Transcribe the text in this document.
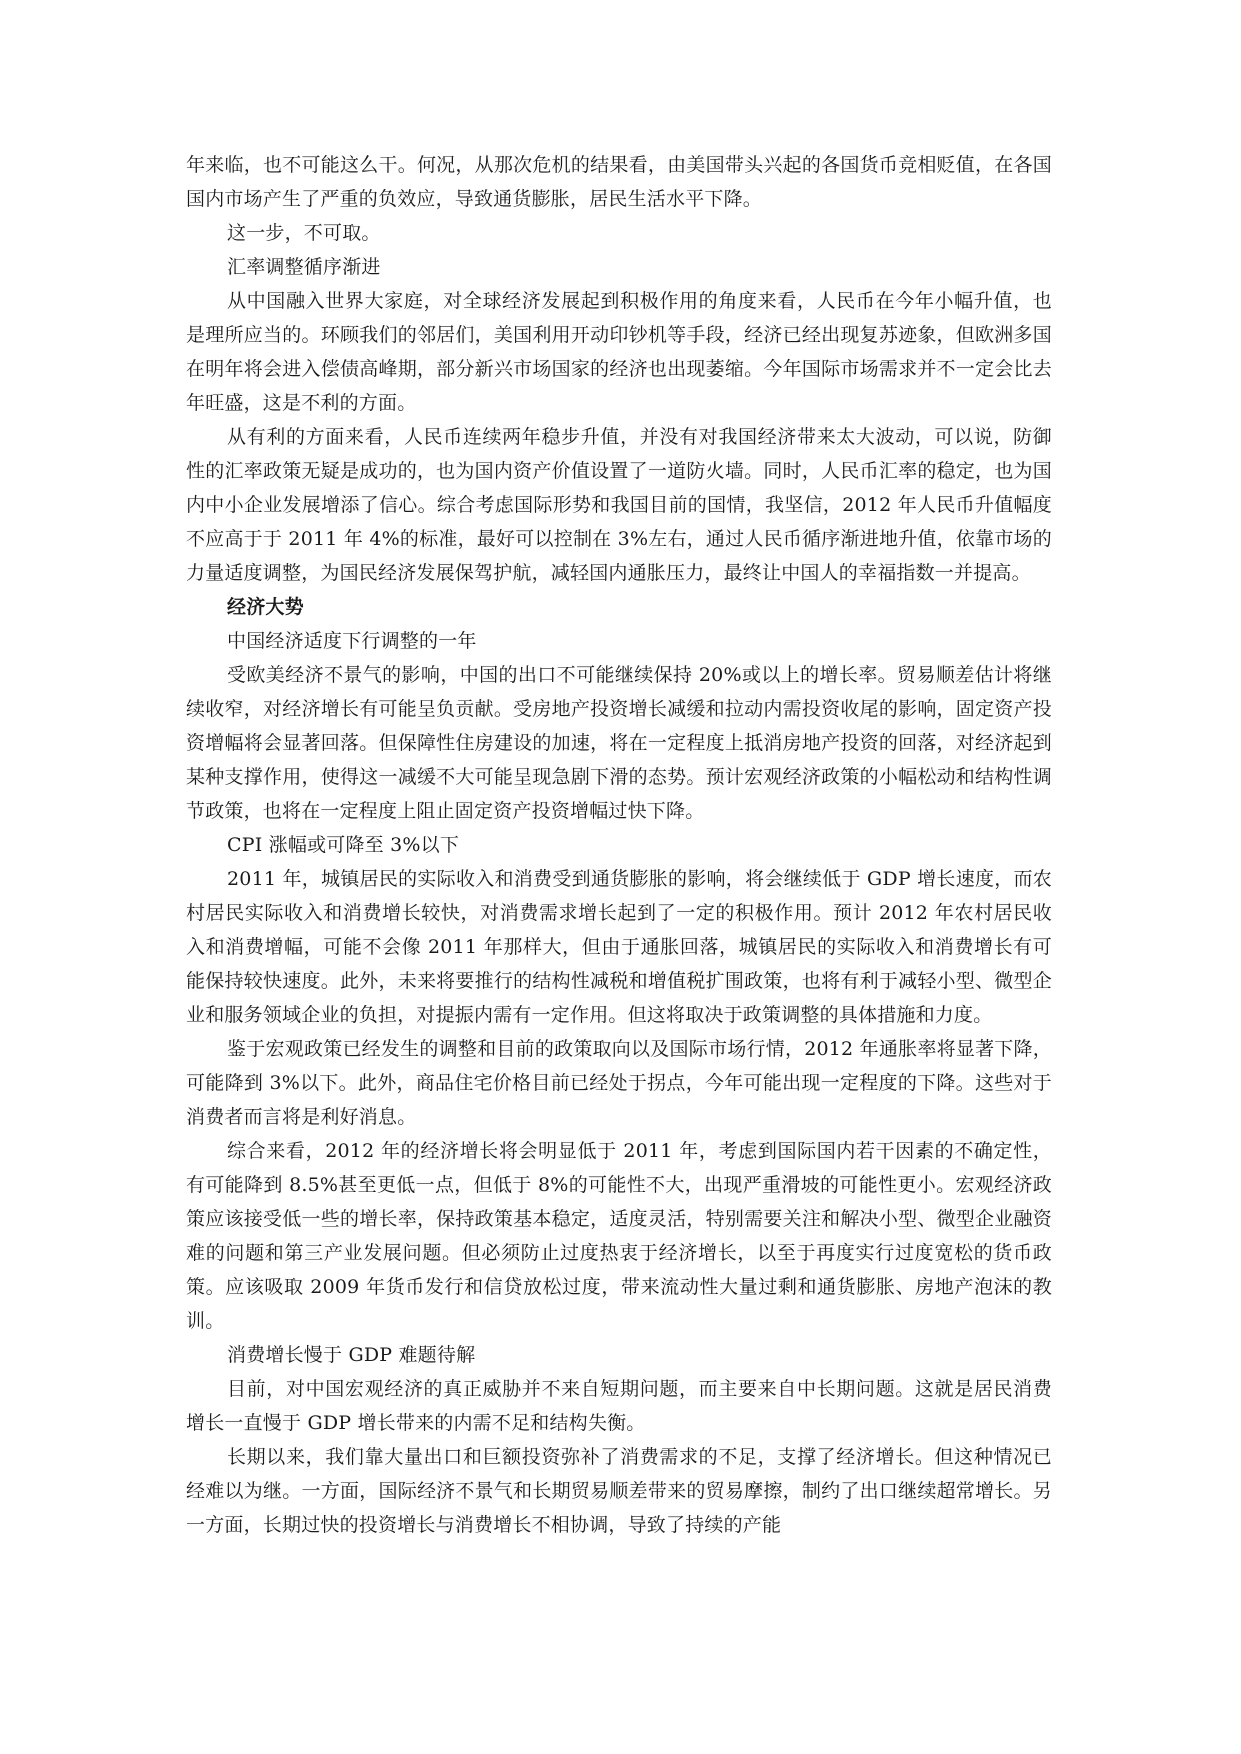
年来临，也不可能这么干。何况，从那次危机的结果看，由美国带头兴起的各国货币竞相贬值，在各国国内市场产生了严重的负效应，导致通货膨胀，居民生活水平下降。

这一步，不可取。

汇率调整循序渐进

从中国融入世界大家庭，对全球经济发展起到积极作用的角度来看，人民币在今年小幅升值，也是理所应当的。环顾我们的邻居们，美国利用开动印钞机等手段，经济已经出现复苏迹象，但欧洲多国在明年将会进入偿债高峰期，部分新兴市场国家的经济也出现萎缩。今年国际市场需求并不一定会比去年旺盛，这是不利的方面。

从有利的方面来看，人民币连续两年稳步升值，并没有对我国经济带来太大波动，可以说，防御性的汇率政策无疑是成功的，也为国内资产价值设置了一道防火墙。同时，人民币汇率的稳定，也为国内中小企业发展增添了信心。综合考虑国际形势和我国目前的国情，我坚信，2012 年人民币升值幅度不应高于于 2011 年 4%的标准，最好可以控制在 3%左右，通过人民币循序渐进地升值，依靠市场的力量适度调整，为国民经济发展保驾护航，减轻国内通胀压力，最终让中国人的幸福指数一并提高。

经济大势

中国经济适度下行调整的一年

受欧美经济不景气的影响，中国的出口不可能继续保持 20%或以上的增长率。贸易顺差估计将继续收窄，对经济增长有可能呈负贡献。受房地产投资增长减缓和拉动内需投资收尾的影响，固定资产投资增幅将会显著回落。但保障性住房建设的加速，将在一定程度上抵消房地产投资的回落，对经济起到某种支撑作用，使得这一减缓不大可能呈现急剧下滑的态势。预计宏观经济政策的小幅松动和结构性调节政策，也将在一定程度上阻止固定资产投资增幅过快下降。

CPI 涨幅或可降至 3%以下

2011 年，城镇居民的实际收入和消费受到通货膨胀的影响，将会继续低于 GDP 增长速度，而农村居民实际收入和消费增长较快，对消费需求增长起到了一定的积极作用。预计 2012 年农村居民收入和消费增幅，可能不会像 2011 年那样大，但由于通胀回落，城镇居民的实际收入和消费增长有可能保持较快速度。此外，未来将要推行的结构性减税和增值税扩围政策，也将有利于减轻小型、微型企业和服务领域企业的负担，对提振内需有一定作用。但这将取决于政策调整的具体措施和力度。

鉴于宏观政策已经发生的调整和目前的政策取向以及国际市场行情，2012 年通胀率将显著下降，可能降到 3%以下。此外，商品住宅价格目前已经处于拐点，今年可能出现一定程度的下降。这些对于消费者而言将是利好消息。

综合来看，2012 年的经济增长将会明显低于 2011 年，考虑到国际国内若干因素的不确定性，有可能降到 8.5%甚至更低一点，但低于 8%的可能性不大，出现严重滑坡的可能性更小。宏观经济政策应该接受低一些的增长率，保持政策基本稳定，适度灵活，特别需要关注和解决小型、微型企业融资难的问题和第三产业发展问题。但必须防止过度热衷于经济增长，以至于再度实行过度宽松的货币政策。应该吸取 2009 年货币发行和信贷放松过度，带来流动性大量过剩和通货膨胀、房地产泡沫的教训。

消费增长慢于 GDP 难题待解

目前，对中国宏观经济的真正威胁并不来自短期问题，而主要来自中长期问题。这就是居民消费增长一直慢于 GDP 增长带来的内需不足和结构失衡。

长期以来，我们靠大量出口和巨额投资弥补了消费需求的不足，支撑了经济增长。但这种情况已经难以为继。一方面，国际经济不景气和长期贸易顺差带来的贸易摩擦，制约了出口继续超常增长。另一方面，长期过快的投资增长与消费增长不相协调，导致了持续的产能
